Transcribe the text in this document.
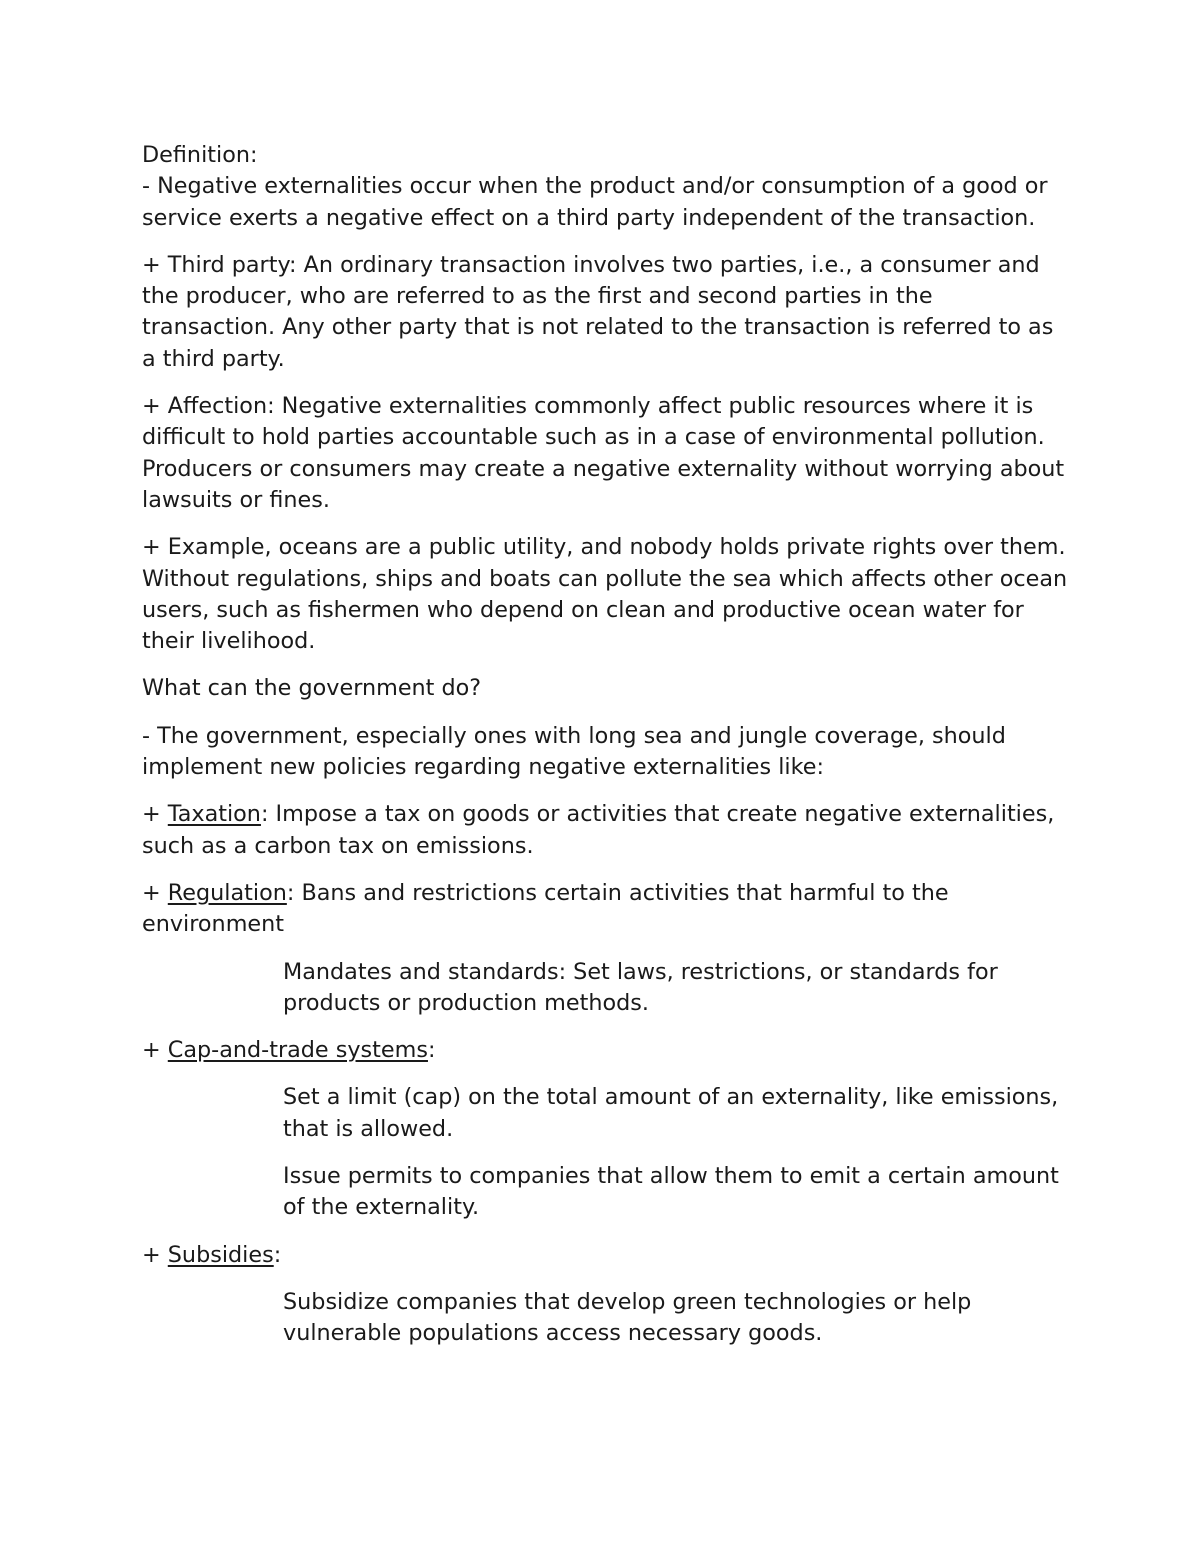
Definition:

- Negative externalities occur when the product and/or consumption of a good or service exerts a negative effect on a third party independent of the transaction.

+ Third party: An ordinary transaction involves two parties, i.e., a consumer and the producer, who are referred to as the first and second parties in the transaction. Any other party that is not related to the transaction is referred to as a third party.

+ Affection: Negative externalities commonly affect public resources where it is difficult to hold parties accountable such as in a case of environmental pollution. Producers or consumers may create a negative externality without worrying about lawsuits or fines.

+ Example, oceans are a public utility, and nobody holds private rights over them. Without regulations, ships and boats can pollute the sea which affects other ocean users, such as fishermen who depend on clean and productive ocean water for their livelihood.

What can the government do?

- The government, especially ones with long sea and jungle coverage, should implement new policies regarding negative externalities like:

+ Taxation: Impose a tax on goods or activities that create negative externalities, such as a carbon tax on emissions.

+ Regulation: Bans and restrictions certain activities that harmful to the environment

Mandates and standards: Set laws, restrictions, or standards for products or production methods.

+ Cap-and-trade systems:

Set a limit (cap) on the total amount of an externality, like emissions, that is allowed.

Issue permits to companies that allow them to emit a certain amount of the externality.

+ Subsidies:

Subsidize companies that develop green technologies or help vulnerable populations access necessary goods.
